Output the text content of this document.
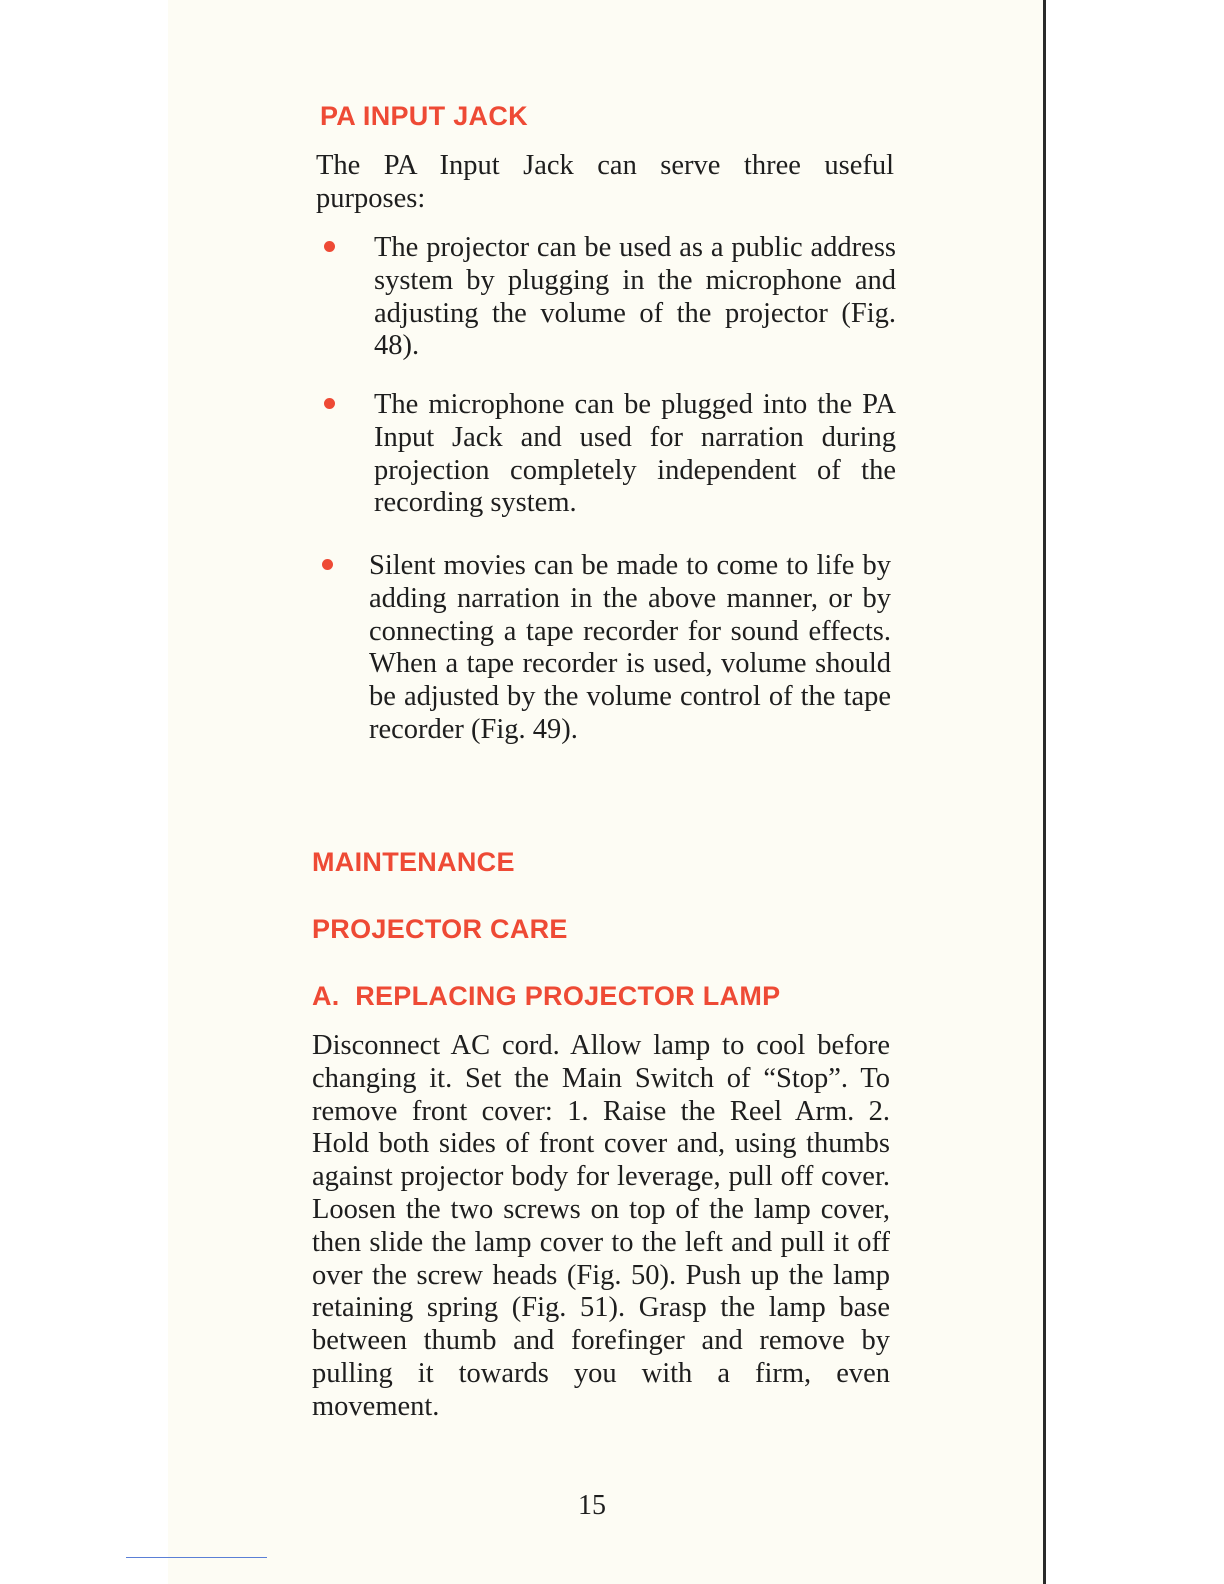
PA INPUT JACK
The PA Input Jack can serve three useful purposes:
The projector can be used as a public address system by plugging in the microphone and adjusting the volume of the projector (Fig. 48).
The microphone can be plugged into the PA Input Jack and used for narration during projection completely independent of the recording system.
Silent movies can be made to come to life by adding narration in the above manner, or by connecting a tape recorder for sound effects. When a tape recorder is used, volume should be adjusted by the volume control of the tape recorder (Fig. 49).
MAINTENANCE
PROJECTOR CARE
A.  REPLACING PROJECTOR LAMP
Disconnect AC cord. Allow lamp to cool before changing it. Set the Main Switch of “Stop”. To remove front cover: 1. Raise the Reel Arm. 2. Hold both sides of front cover and, using thumbs against projector body for leverage, pull off cover. Loosen the two screws on top of the lamp cover, then slide the lamp cover to the left and pull it off over the screw heads (Fig. 50). Push up the lamp retaining spring (Fig. 51). Grasp the lamp base between thumb and forefinger and remove by pulling it towards you with a firm, even movement.
15
